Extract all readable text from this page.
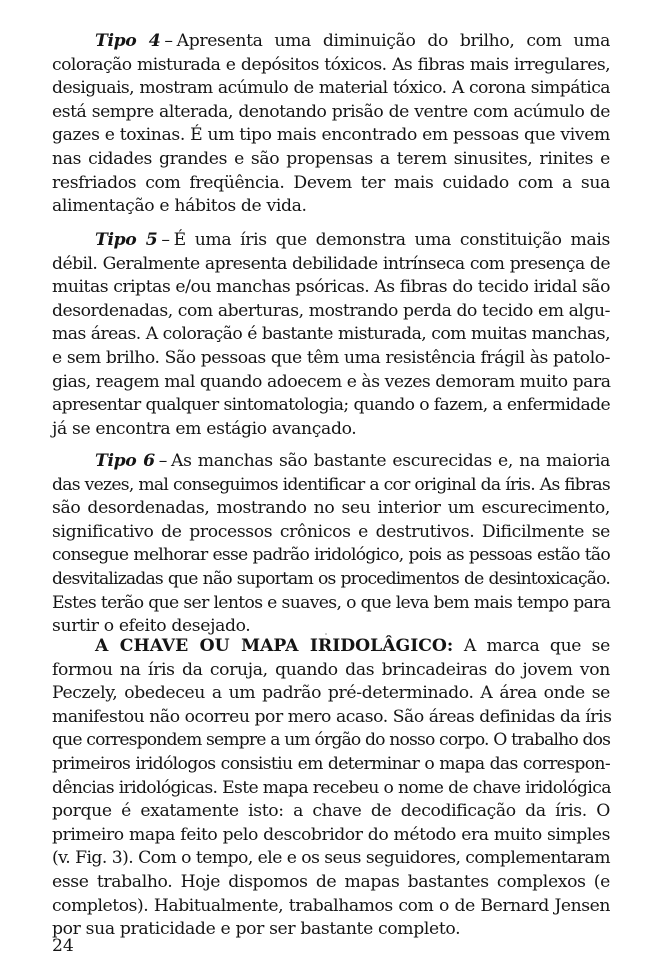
Tipo 4 – Apresenta uma diminuição do brilho, com uma
coloração misturada e depósitos tóxicos. As fibras mais irregulares,
desiguais, mostram acúmulo de material tóxico. A corona simpática
está sempre alterada, denotando prisão de ventre com acúmulo de
gazes e toxinas. É um tipo mais encontrado em pessoas que vivem
nas cidades grandes e são propensas a terem sinusites, rinites e
resfriados com freqüência. Devem ter mais cuidado com a sua
alimentação e hábitos de vida.
Tipo 5 – É uma íris que demonstra uma constituição mais
débil. Geralmente apresenta debilidade intrínseca com presença de
muitas criptas e/ou manchas psóricas. As fibras do tecido iridal são
desordenadas, com aberturas, mostrando perda do tecido em algu-
mas áreas. A coloração é bastante misturada, com muitas manchas,
e sem brilho. São pessoas que têm uma resistência frágil às patolo-
gias, reagem mal quando adoecem e às vezes demoram muito para
apresentar qualquer sintomatologia; quando o fazem, a enfermidade
já se encontra em estágio avançado.
Tipo 6 – As manchas são bastante escurecidas e, na maioria
das vezes, mal conseguimos identificar a cor original da íris. As fibras
são desordenadas, mostrando no seu interior um escurecimento,
significativo de processos crônicos e destrutivos. Dificilmente se
consegue melhorar esse padrão iridológico, pois as pessoas estão tão
desvitalizadas que não suportam os procedimentos de desintoxicação.
Estes terão que ser lentos e suaves, o que leva bem mais tempo para
surtir o efeito desejado.
A CHAVE OU MAPA IRIDOLÂGICO: A marca que se
formou na íris da coruja, quando das brincadeiras do jovem von
Peczely, obedeceu a um padrão pré-determinado. A área onde se
manifestou não ocorreu por mero acaso. São áreas definidas da íris
que correspondem sempre a um órgão do nosso corpo. O trabalho dos
primeiros iridólogos consistiu em determinar o mapa das correspon-
dências iridológicas. Este mapa recebeu o nome de chave iridológica
porque é exatamente isto: a chave de decodificação da íris. O
primeiro mapa feito pelo descobridor do método era muito simples
(v. Fig. 3). Com o tempo, ele e os seus seguidores, complementaram
esse trabalho. Hoje dispomos de mapas bastantes complexos (e
completos). Habitualmente, trabalhamos com o de Bernard Jensen
por sua praticidade e por ser bastante completo.
24
